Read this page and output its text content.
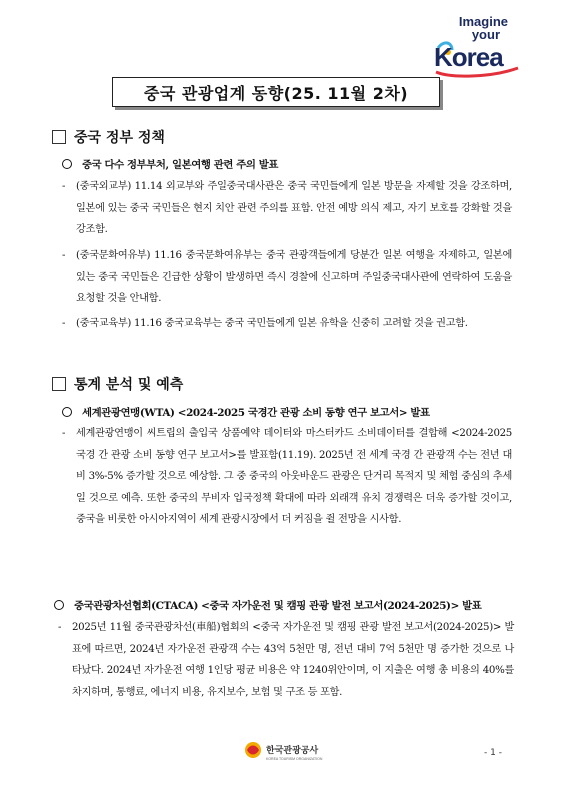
Imagine
your
Korea
중국 관광업계 동향(25. 11월 2차)
중국 정부 정책
중국 다수 정부부처, 일본여행 관련 주의 발표
- (중국외교부) 11.14 외교부와 주일중국대사관은 중국 국민들에게 일본 방문을 자제할 것을 강조하며, 일본에 있는 중국 국민들은 현지 치안 관련 주의를 표함. 안전 예방 의식 제고, 자기 보호를 강화할 것을 강조함.
- (중국문화여유부) 11.16 중국문화여유부는 중국 관광객들에게 당분간 일본 여행을 자제하고, 일본에 있는 중국 국민들은 긴급한 상황이 발생하면 즉시 경찰에 신고하며 주일중국대사관에 연락하여 도움을 요청할 것을 안내함.
- (중국교육부) 11.16 중국교육부는 중국 국민들에게 일본 유학을 신중히 고려할 것을 권고함.
통계 분석 및 예측
세계관광연맹(WTA) <2024-2025 국경간 관광 소비 동향 연구 보고서> 발표
- 세계관광연맹이 씨트립의 출입국 상품예약 데이터와 마스터카드 소비데이터를 결합해 <2024-2025 국경 간 관광 소비 동향 연구 보고서>를 발표함(11.19). 2025년 전 세계 국경 간 관광객 수는 전년 대비 3%-5% 증가할 것으로 예상함. 그 중 중국의 아웃바운드 관광은 단거리 목적지 및 체험 중심의 추세일 것으로 예측. 또한 중국의 무비자 입국정책 확대에 따라 외래객 유치 경쟁력은 더욱 증가할 것이고, 중국을 비롯한 아시아지역이 세계 관광시장에서 더 커짐을 쥘 전망을 시사함.
중국관광차선협회(CTACA) <중국 자가운전 및 캠핑 관광 발전 보고서(2024-2025)> 발표
- 2025년 11월 중국관광차선(車船)협회의 <중국 자가운전 및 캠핑 관광 발전 보고서(2024-2025)> 발표에 따르면, 2024년 자가운전 관광객 수는 43억 5천만 명, 전년 대비 7억 5천만 명 증가한 것으로 나타났다. 2024년 자가운전 여행 1인당 평균 비용은 약 1240위안이며, 이 지출은 여행 총 비용의 40%를 차지하며, 통행료, 에너지 비용, 유지보수, 보험 및 구조 등 포함.
한국관광공사
KOREA TOURISM ORGANIZATION
- 1 -
